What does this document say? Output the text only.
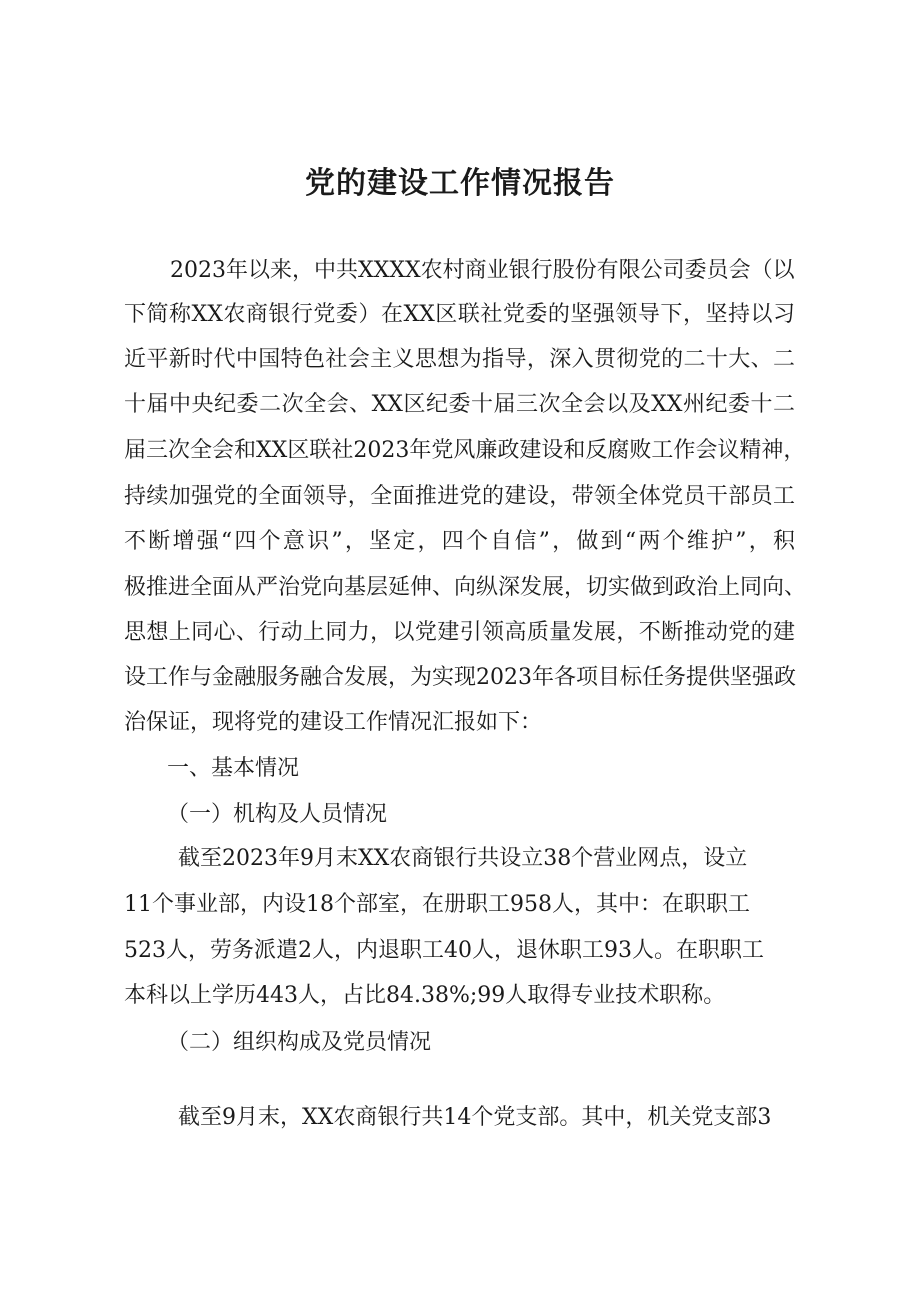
党的建设工作情况报告

2023年以来，中共XXXX农村商业银行股份有限公司委员会（以

下简称XX农商银行党委）在XX区联社党委的坚强领导下，坚持以习

近平新时代中国特色社会主义思想为指导，深入贯彻党的二十大、二

十届中央纪委二次全会、XX区纪委十届三次全会以及XX州纪委十二

届三次全会和XX区联社2023年党风廉政建设和反腐败工作会议精神，

持续加强党的全面领导，全面推进党的建设，带领全体党员干部员工

不断增强“四个意识”，坚定，四个自信”，做到“两个维护”，积

极推进全面从严治党向基层延伸、向纵深发展，切实做到政治上同向、

思想上同心、行动上同力，以党建引领高质量发展，不断推动党的建

设工作与金融服务融合发展，为实现2023年各项目标任务提供坚强政

治保证，现将党的建设工作情况汇报如下：

一、基本情况

（一）机构及人员情况

截至2023年9月末XX农商银行共设立38个营业网点，设立

11个事业部，内设18个部室，在册职工958人，其中：在职职工

523人，劳务派遣2人，内退职工40人，退休职工93人。在职职工

本科以上学历443人，占比84.38%;99人取得专业技术职称。

（二）组织构成及党员情况

截至9月末，XX农商银行共14个党支部。其中，机关党支部3
